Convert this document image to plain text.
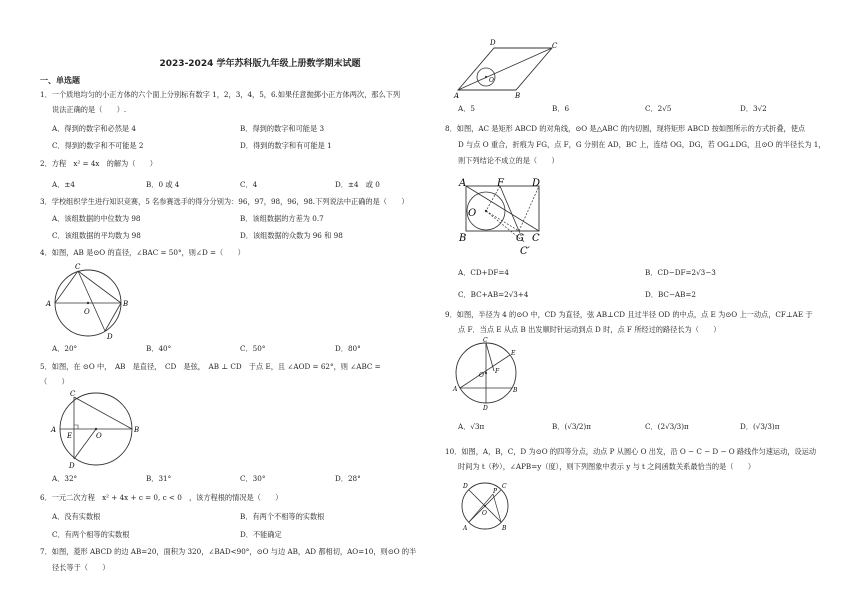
2023-2024 学年苏科版九年级上册数学期末试题
一、单选题
1．一个质地均匀的小正方体的六个面上分别标有数字 1，2，3，4，5，6.如果任意抛掷小正方体两次，那么下列
说法正确的是（　　）.
A．得到的数字和必然是 4	B．得到的数字和可能是 3
C．得到的数字和不可能是 2	D．得到的数字和有可能是 1
2．方程　x² = 4x　的解为（　　）
A．±4	B．0 或 4	C．4	D．±4　或 0
3．学校组织学生进行知识竞赛，5 名参赛选手的得分分别为：96，97，98，96，98.下列说法中正确的是（　　）
A．该组数据的中位数为 98	B．该组数据的方差为 0.7
C．该组数据的平均数为 98	D．该组数据的众数为 96 和 98
4．如图，AB 是⊙O 的直径，∠BAC = 50°，则∠D =（　　）
A	B
C
D
O
A．20°	B．40°	C．50°	D．80°
5．如图，在 ⊙O 中，　AB　是直径，　CD　是弦，　AB ⊥ CD　于点 E，且 ∠AOD = 62°，则 ∠ABC =
（　　）
A	B
C
D
E	O
A．32°	B．31°	C．30°	D．28°
6．一元二次方程　x² + 4x + c = 0, c < 0　，该方程根的情况是（　　）
A．没有实数根	B．有两个不相等的实数根
C．有两个相等的实数根	D．不能确定
7．如图，菱形 ABCD 的边 AB=20，面积为 320，∠BAD<90°，⊙O 与边 AB，AD 都相切，AO=10，则⊙O 的半
径长等于（　　）
A	B
C
D
O
A．5	B．6	C．2√5	D．3√2
8．如图，AC 是矩形 ABCD 的对角线，⊙O 是△ABC 的内切圆，现将矩形 ABCD 按如图所示的方式折叠，使点
D 与点 O 重合，折痕为 FG，点 F，G 分别在 AD，BC 上，连结 OG，DG，若 OG⊥DG，且⊙O 的半径长为 1，
则下列结论不成立的是（　　）
A	F	D
O
B	G C
C′
A．CD+DF=4	B．CD−DF=2√3−3
C．BC+AB=2√3+4	D．BC−AB=2
9．如图，半径为 4 的⊙O 中，CD 为直径，弦 AB⊥CD 且过半径 OD 的中点，点 E 为⊙O 上一动点，CF⊥AE 于
点 F．当点 E 从点 B 出发顺时针运动到点 D 时，点 F 所经过的路径长为（　　）
C
A
E
F
B
D
O
A．√3π	B．(√3/2)π	C．(2√3/3)π	D．(√3/3)π
10．如图，A，B，C，D 为⊙O 的四等分点，动点 P 从圆心 O 出发，沿 O − C − D − O 路线作匀速运动，设运动
时间为 t（秒），∠APB=y（度），则下列图象中表示 y 与 t 之间函数关系最恰当的是（　　）
D	C
A	B
P
O
